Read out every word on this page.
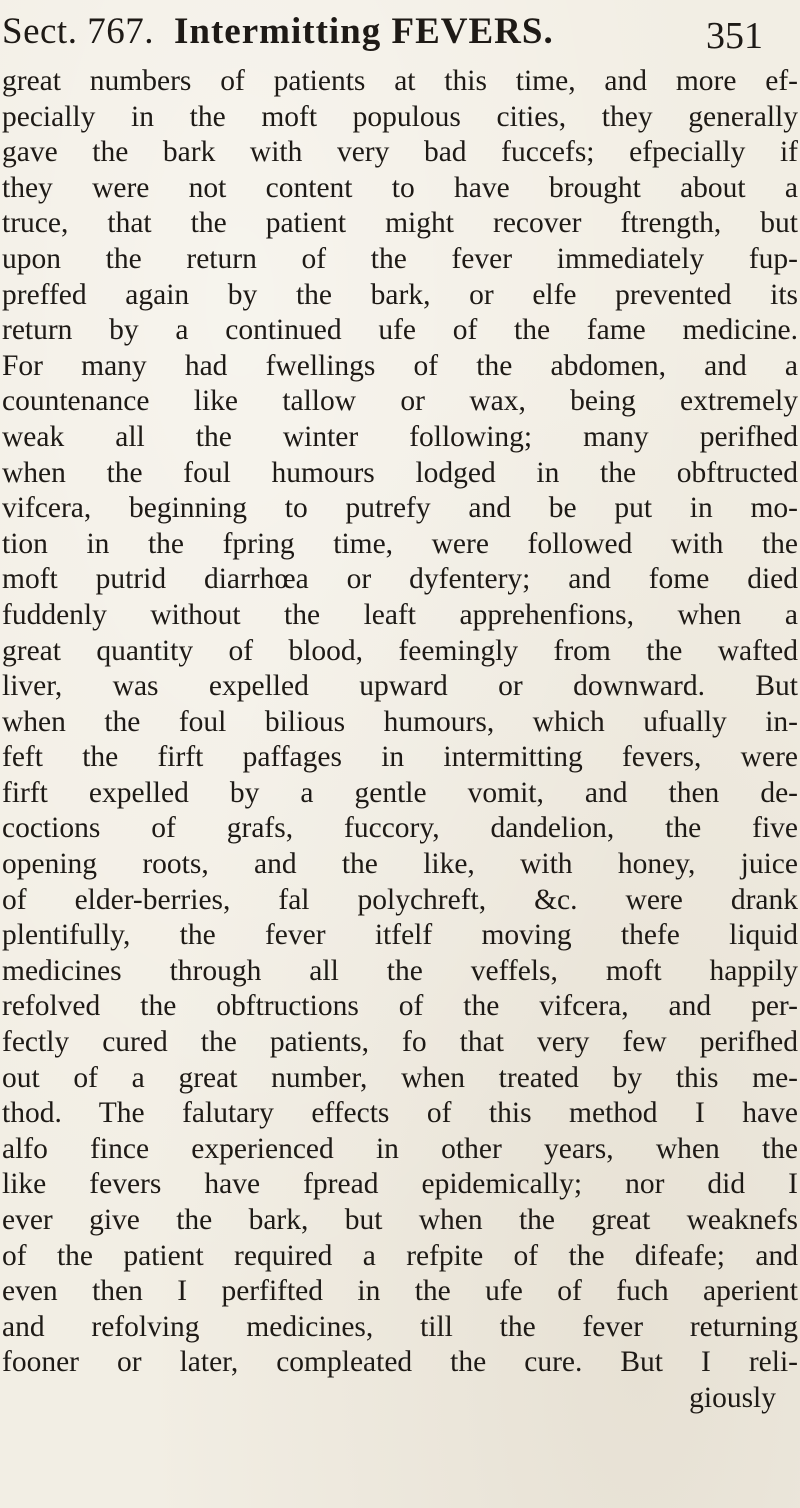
Sect. 767. Intermitting FEVERS.	351
great numbers of patients at this time, and more ef-
pecially in the moft populous cities, they generally
gave the bark with very bad fuccefs; efpecially if
they were not content to have brought about a
truce, that the patient might recover ftrength, but
upon the return of the fever immediately fup-
preffed again by the bark, or elfe prevented its
return by a continued ufe of the fame medicine.
For many had fwellings of the abdomen, and a
countenance like tallow or wax, being extremely
weak all the winter following; many perifhed
when the foul humours lodged in the obftructed
vifcera, beginning to putrefy and be put in mo-
tion in the fpring time, were followed with the
moft putrid diarrhœa or dyfentery; and fome died
fuddenly without the leaft apprehenfions, when a
great quantity of blood, feemingly from the wafted
liver, was expelled upward or downward. But
when the foul bilious humours, which ufually in-
feft the firft paffages in intermitting fevers, were
firft expelled by a gentle vomit, and then de-
coctions of grafs, fuccory, dandelion, the five
opening roots, and the like, with honey, juice
of elder-berries, fal polychreft, &c. were drank
plentifully, the fever itfelf moving thefe liquid
medicines through all the veffels, moft happily
refolved the obftructions of the vifcera, and per-
fectly cured the patients, fo that very few perifhed
out of a great number, when treated by this me-
thod. The falutary effects of this method I have
alfo fince experienced in other years, when the
like fevers have fpread epidemically; nor did I
ever give the bark, but when the great weaknefs
of the patient required a refpite of the difeafe; and
even then I perfifted in the ufe of fuch aperient
and refolving medicines, till the fever returning
fooner or later, compleated the cure. But I reli-
giously
